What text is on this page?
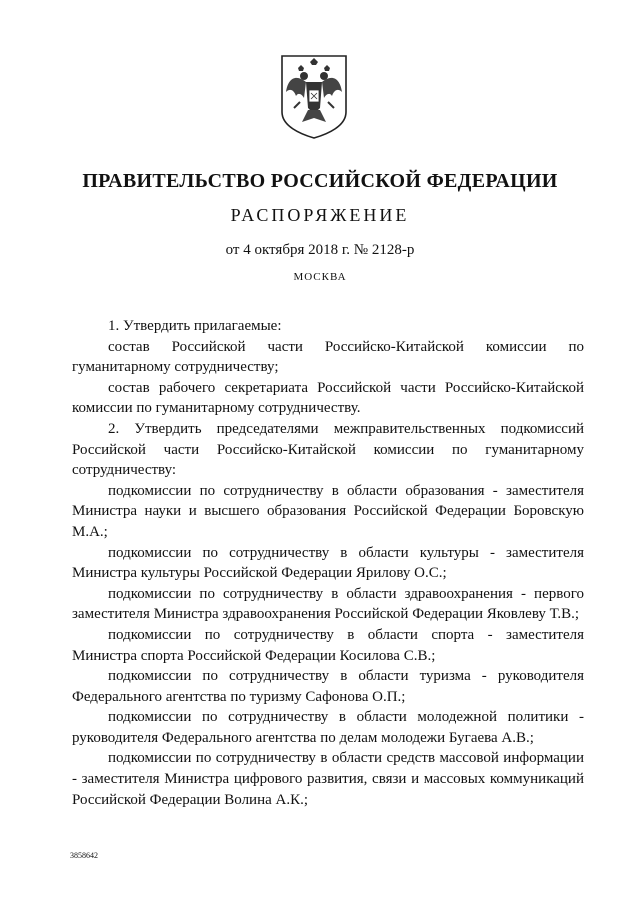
ПРАВИТЕЛЬСТВО РОССИЙСКОЙ ФЕДЕРАЦИИ
РАСПОРЯЖЕНИЕ
от 4 октября 2018 г. № 2128-р
МОСКВА

1. Утвердить прилагаемые:

состав Российской части Российско-Китайской комиссии по гуманитарному сотрудничеству;

состав рабочего секретариата Российской части Российско-Китайской комиссии по гуманитарному сотрудничеству.

2. Утвердить председателями межправительственных подкомиссий Российской части Российско-Китайской комиссии по гуманитарному сотрудничеству:

подкомиссии по сотрудничеству в области образования - заместителя Министра науки и высшего образования Российской Федерации Боровскую М.А.;

подкомиссии по сотрудничеству в области культуры - заместителя Министра культуры Российской Федерации Ярилову О.С.;

подкомиссии по сотрудничеству в области здравоохранения - первого заместителя Министра здравоохранения Российской Федерации Яковлеву Т.В.;

подкомиссии по сотрудничеству в области спорта - заместителя Министра спорта Российской Федерации Косилова С.В.;

подкомиссии по сотрудничеству в области туризма - руководителя Федерального агентства по туризму Сафонова О.П.;

подкомиссии по сотрудничеству в области молодежной политики - руководителя Федерального агентства по делам молодежи Бугаева А.В.;

подкомиссии по сотрудничеству в области средств массовой информации - заместителя Министра цифрового развития, связи и массовых коммуникаций Российской Федерации Волина А.К.;

3858642
